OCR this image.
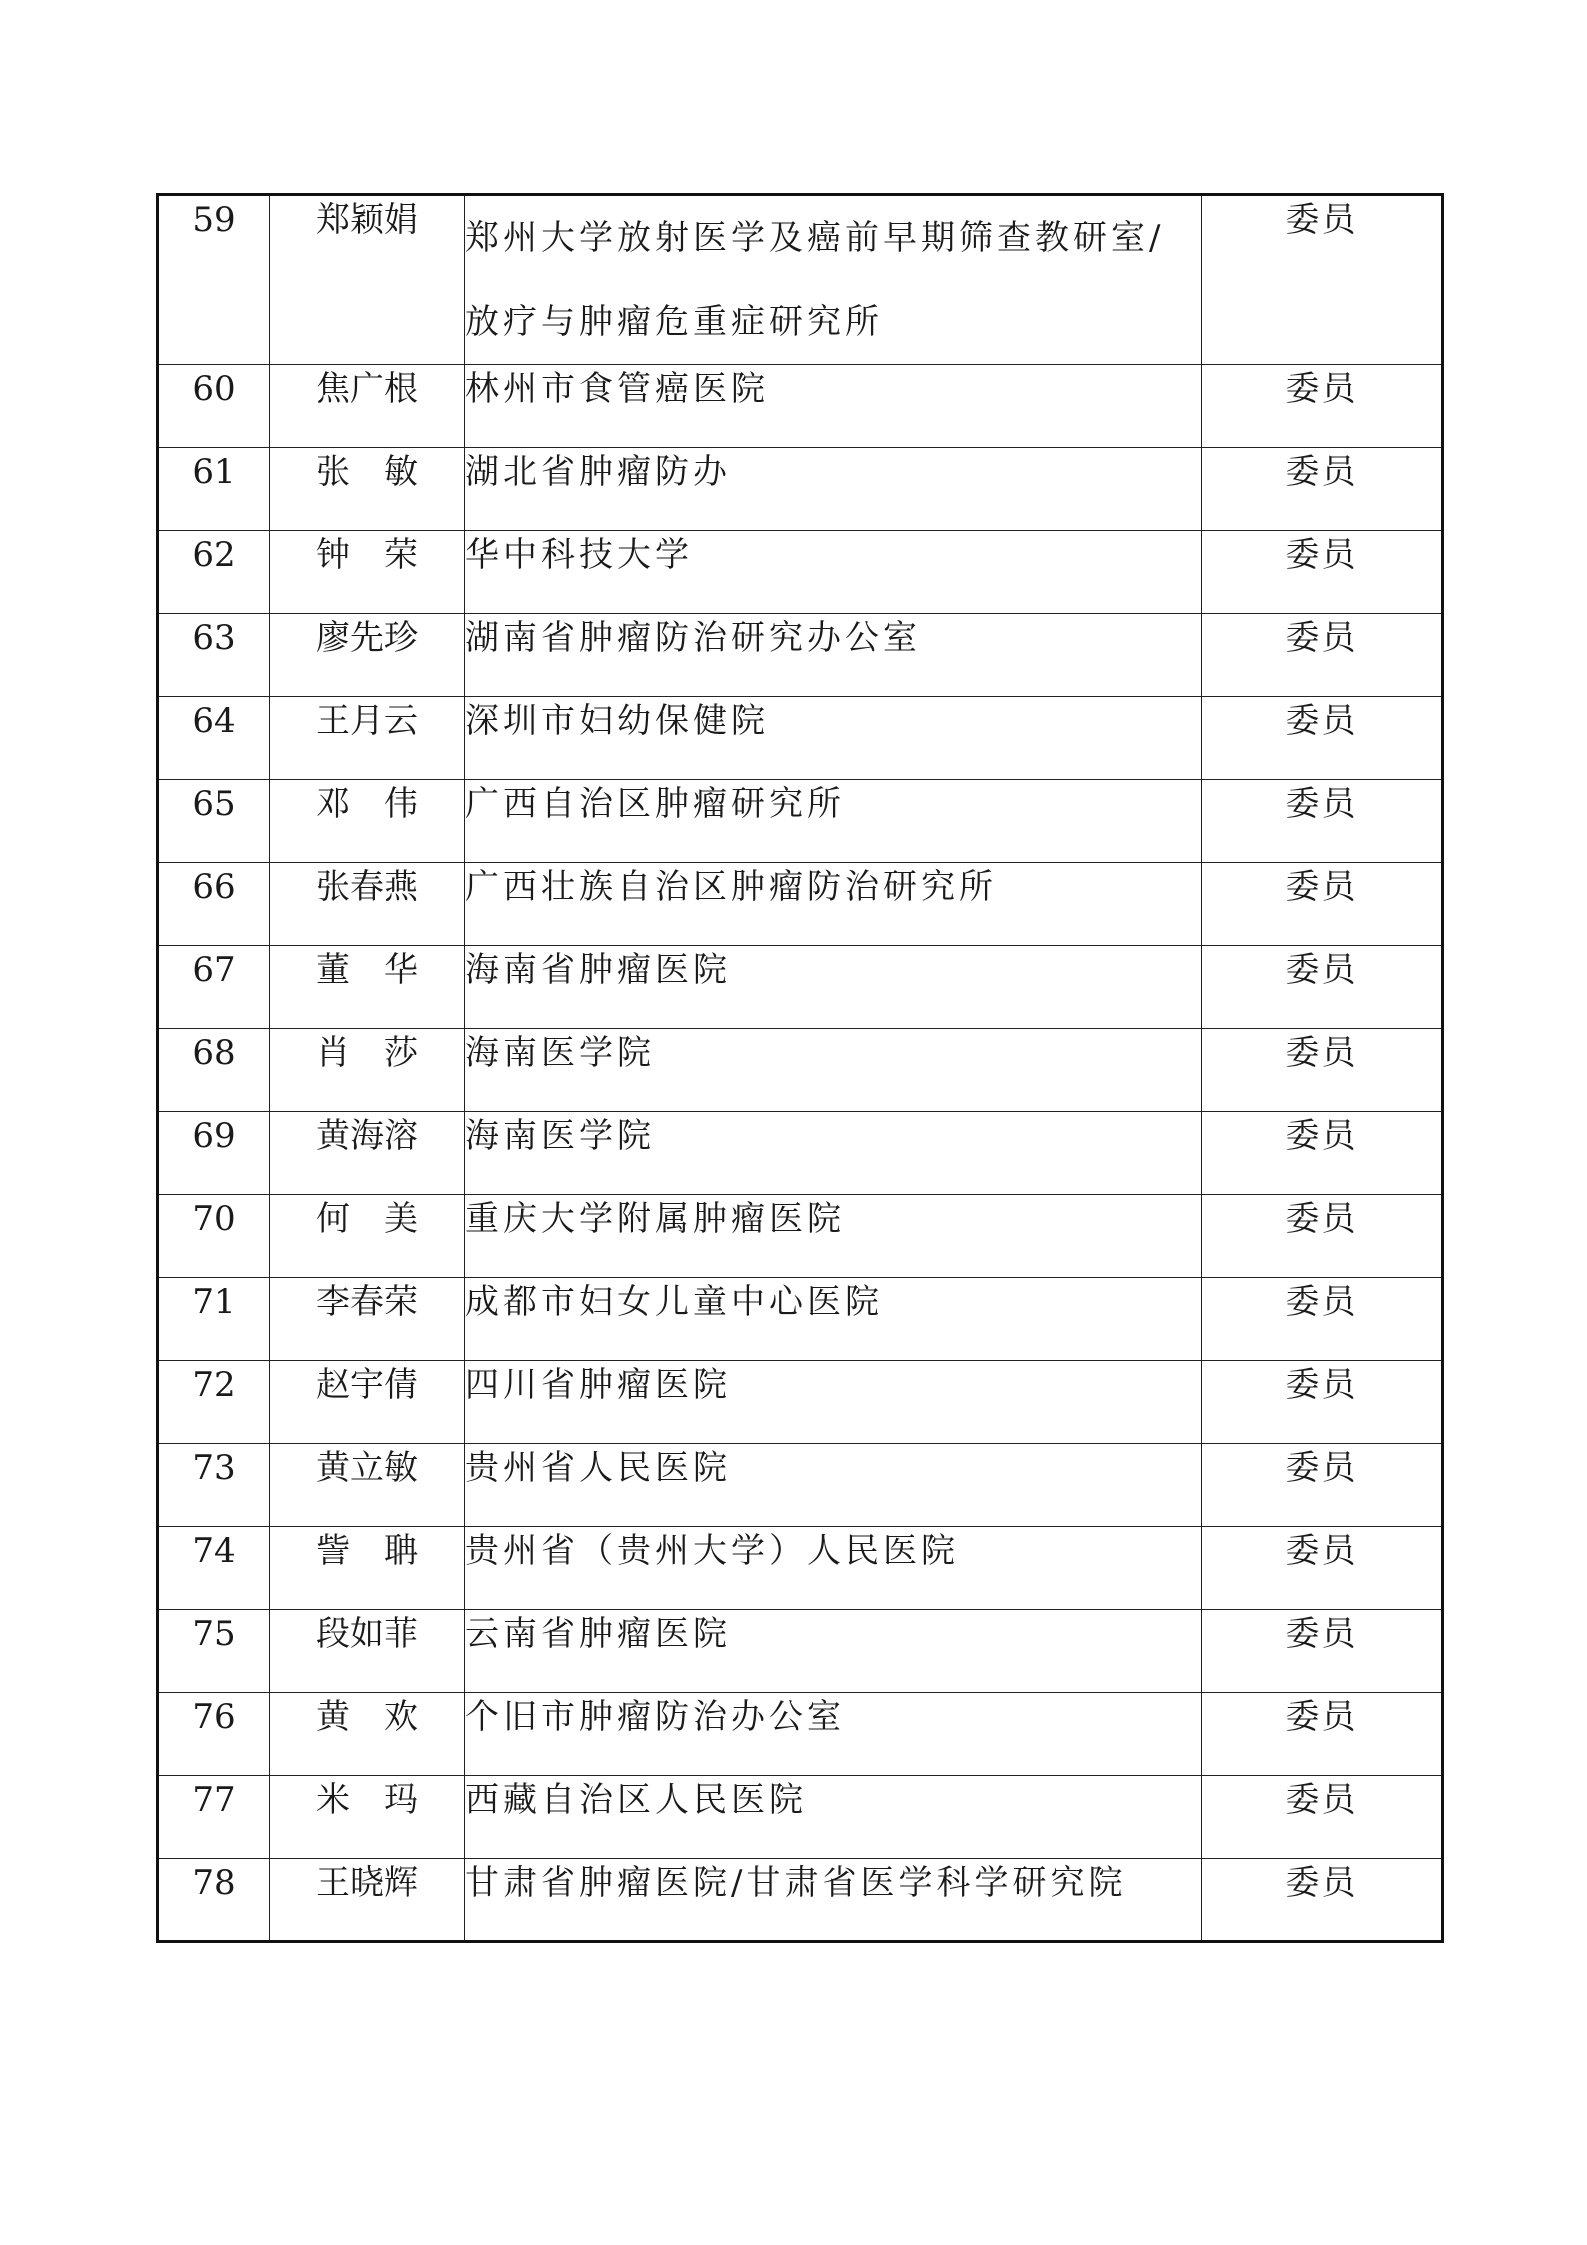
59	郑颖娟	郑州大学放射医学及癌前早期筛查教研室/放疗与肿瘤危重症研究所	委员
60	焦广根	林州市食管癌医院	委员
61	张　敏	湖北省肿瘤防办	委员
62	钟　荣	华中科技大学	委员
63	廖先珍	湖南省肿瘤防治研究办公室	委员
64	王月云	深圳市妇幼保健院	委员
65	邓　伟	广西自治区肿瘤研究所	委员
66	张春燕	广西壮族自治区肿瘤防治研究所	委员
67	董　华	海南省肿瘤医院	委员
68	肖　莎	海南医学院	委员
69	黄海溶	海南医学院	委员
70	何　美	重庆大学附属肿瘤医院	委员
71	李春荣	成都市妇女儿童中心医院	委员
72	赵宇倩	四川省肿瘤医院	委员
73	黄立敏	贵州省人民医院	委员
74	訾　聃	贵州省（贵州大学）人民医院	委员
75	段如菲	云南省肿瘤医院	委员
76	黄　欢	个旧市肿瘤防治办公室	委员
77	米　玛	西藏自治区人民医院	委员
78	王晓辉	甘肃省肿瘤医院/甘肃省医学科学研究院	委员
